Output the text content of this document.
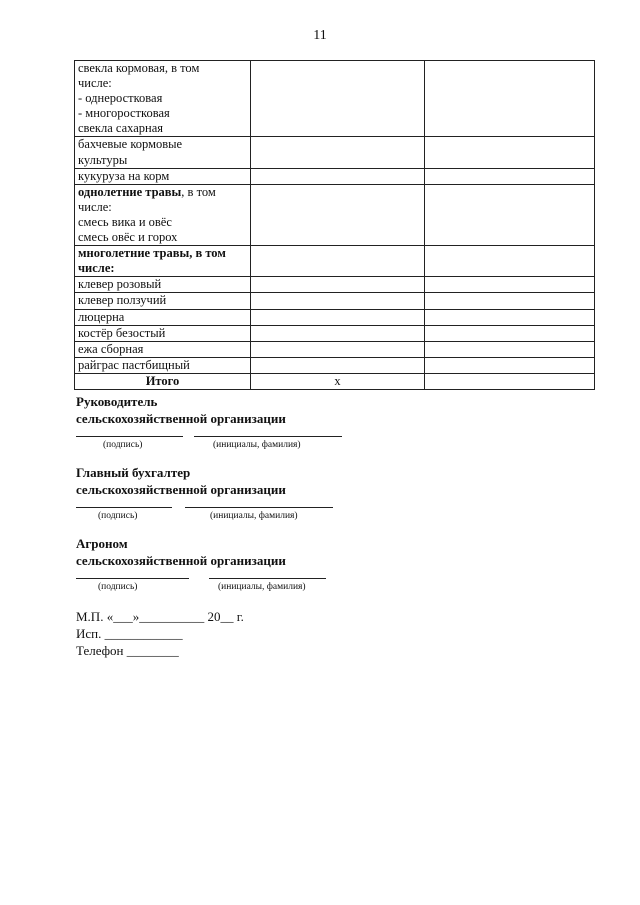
11
свекла кормовая, в том
числе:
- однеростковая
- многоростковая
свекла сахарная		

бахчевые кормовые
культуры		

кукуруза на корм		

однолетние травы, в том
числе:
смесь вика и овёс
смесь овёс и горох		

многолетние травы, в том
числе:		

клевер розовый		

клевер ползучий		

люцерна		

костёр безостый		

ежа сборная		

райграс пастбищный		

Итого	х	
Руководитель
сельскохозяйственной организации
(подпись)	(инициалы, фамилия)
Главный бухгалтер
сельскохозяйственной организации
(подпись)	(инициалы, фамилия)
Агроном
сельскохозяйственной организации
(подпись)	(инициалы, фамилия)
М.П. «___»__________ 20__ г.
Исп. ____________
Телефон ________
